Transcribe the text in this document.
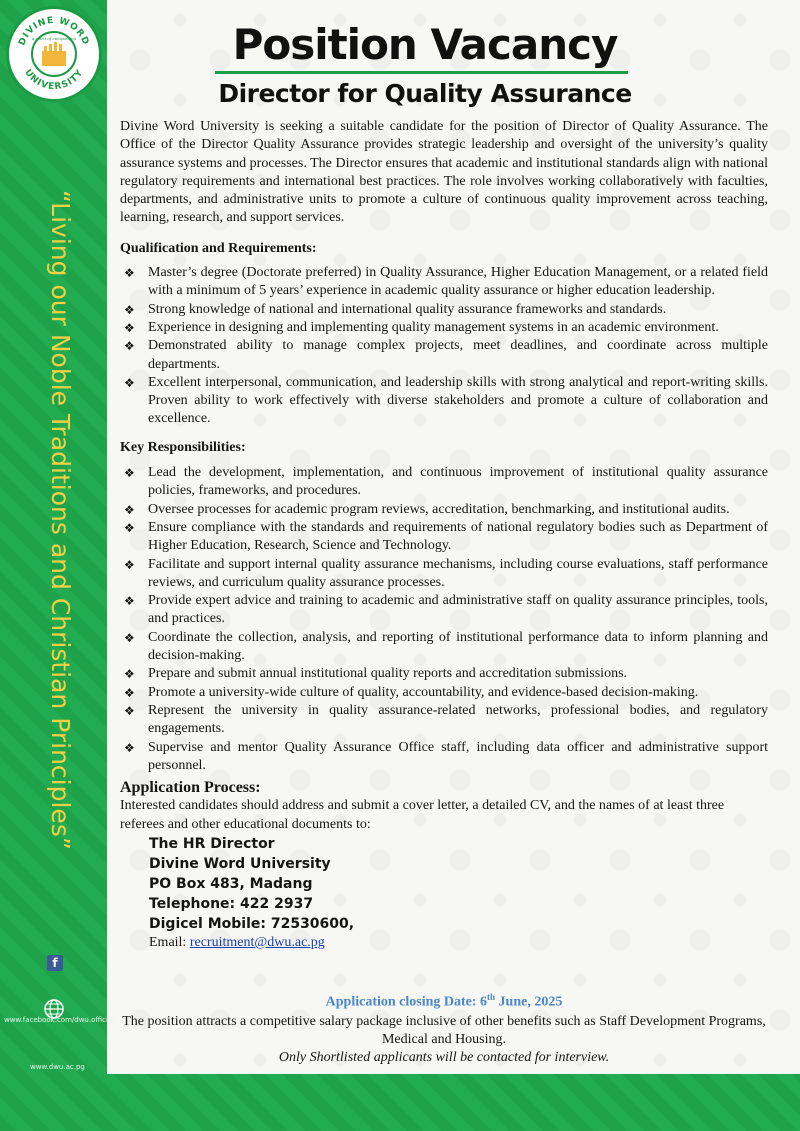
DIVINE WORD
UNIVERSITY
a spirit of compassion
“Living our Noble Traditions and Christian Principles”
f
www.facebook.com/dwu.official
www.dwu.ac.pg
Position Vacancy
Director for Quality Assurance

Divine Word University is seeking a suitable candidate for the position of Director of Quality Assurance. The Office of the Director Quality Assurance provides strategic leadership and oversight of the university’s quality assurance systems and processes. The Director ensures that academic and institutional standards align with national regulatory requirements and international best practices. The role involves working collaboratively with faculties, departments, and administrative units to promote a culture of continuous quality improvement across teaching, learning, research, and support services.

Qualification and Requirements:

❖ Master’s degree (Doctorate preferred) in Quality Assurance, Higher Education Management, or a related field with a minimum of 5 years’ experience in academic quality assurance or higher education leadership.
❖ Strong knowledge of national and international quality assurance frameworks and standards.
❖ Experience in designing and implementing quality management systems in an academic environment.
❖ Demonstrated ability to manage complex projects, meet deadlines, and coordinate across multiple departments.
❖ Excellent interpersonal, communication, and leadership skills with strong analytical and report-writing skills. Proven ability to work effectively with diverse stakeholders and promote a culture of collaboration and excellence.

Key Responsibilities:

❖ Lead the development, implementation, and continuous improvement of institutional quality assurance policies, frameworks, and procedures.
❖ Oversee processes for academic program reviews, accreditation, benchmarking, and institutional audits.
❖ Ensure compliance with the standards and requirements of national regulatory bodies such as Department of Higher Education, Research, Science and Technology.
❖ Facilitate and support internal quality assurance mechanisms, including course evaluations, staff performance reviews, and curriculum quality assurance processes.
❖ Provide expert advice and training to academic and administrative staff on quality assurance principles, tools, and practices.
❖ Coordinate the collection, analysis, and reporting of institutional performance data to inform planning and decision-making.
❖ Prepare and submit annual institutional quality reports and accreditation submissions.
❖ Promote a university-wide culture of quality, accountability, and evidence-based decision-making.
❖ Represent the university in quality assurance-related networks, professional bodies, and regulatory engagements.
❖ Supervise and mentor Quality Assurance Office staff, including data officer and administrative support personnel.

Application Process:

Interested candidates should address and submit a cover letter, a detailed CV, and the names of at least three referees and other educational documents to:

The HR Director
Divine Word University
PO Box 483, Madang
Telephone: 422 2937
Digicel Mobile: 72530600,
Email: recruitment@dwu.ac.pg
Application closing Date: 6th June, 2025
The position attracts a competitive salary package inclusive of other benefits such as Staff Development Programs, Medical and Housing.
Only Shortlisted applicants will be contacted for interview.
